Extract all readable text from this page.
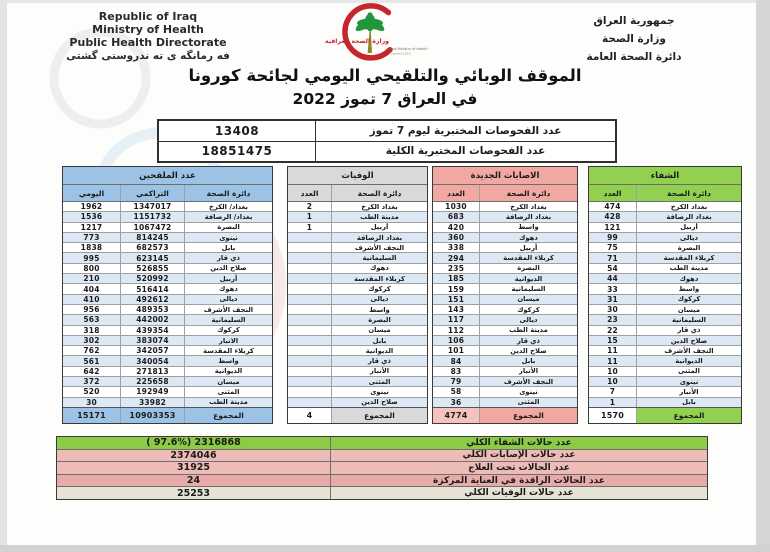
Republic of Iraq
Ministry of Health
Public Health Directorate
فه رمانگه ی ته ندروستی گشتی
وزارة الصحة العراقية
Iraqi Ministry of Health
Founded 1920
جمهورية العراق
وزارة الصحة
دائرة الصحة العامة
الموقف الوبائي والتلقيحي اليومي لجائحة كورونا
في العراق 7 تموز 2022
13408	عدد الفحوصات المختبرية ليوم 7 تموز
18851475	عدد الفحوصات المختبرية الكلية
عدد الملقحين
اليومي	التراكمي	دائرة الصحة
1962	1347017	بغداد/ الكرخ
1536	1151732	بغداد/ الرصافة
1217	1067472	البصرة
773	814245	نينوى
1838	682573	بابل
995	623145	ذي قار
800	526855	صلاح الدين
210	520992	أربيل
404	516414	دهوك
410	492612	ديالى
956	489353	النجف الأشرف
563	442002	السليمانية
318	439354	كركوك
302	383074	الانبار
762	342057	كربلاء المقدسة
561	340054	واسط
642	271813	الديوانية
372	225658	ميسان
520	192949	المثنى
30	33982	مدينة الطب
15171	10903353	المجموع
الوفيات
العدد	دائرة الصحة
2	بغداد الكرخ
1	مدينة الطب
1	أربيل
بغداد الرصافة
النجف الأشرف
السليمانية
دهوك
كربلاء المقدسة
كركوك
ديالى
واسط
البصرة
ميسان
بابل
الديوانية
ذي قار
الأنبار
المثنى
نينوى
صلاح الدين
4	المجموع
الاصابات الجديدة
العدد	دائرة الصحة
1030	بغداد الكرخ
683	بغداد الرصافة
420	واسط
360	دهوك
338	أربيل
294	كربلاء المقدسة
235	البصرة
185	الديوانية
159	السليمانية
151	ميسان
143	كركوك
117	ديالى
112	مدينة الطب
106	ذي قار
101	صلاح الدين
84	بابل
83	الأنبار
79	النجف الأشرف
58	نينوى
36	المثنى
4774	المجموع
الشفاء
العدد	دائرة الصحة
474	بغداد الكرخ
428	بغداد الرصافة
121	أربيل
99	ديالى
75	البصرة
71	كربلاء المقدسة
54	مدينة الطب
44	دهوك
33	واسط
31	كركوك
30	ميسان
23	السليمانية
22	ذي قار
15	صلاح الدين
11	النجف الأشرف
11	الديوانية
10	المثنى
10	نينوى
7	الأنبار
1	بابل
1570	المجموع
( 97.6%) 2316868	عدد حالات الشفاء الكلي
2374046	عدد حالات الإصابات الكلي
31925	عدد الحالات تحت العلاج
24	عدد الحالات الراقدة في العناية المركزة
25253	عدد حالات الوفيات الكلي
